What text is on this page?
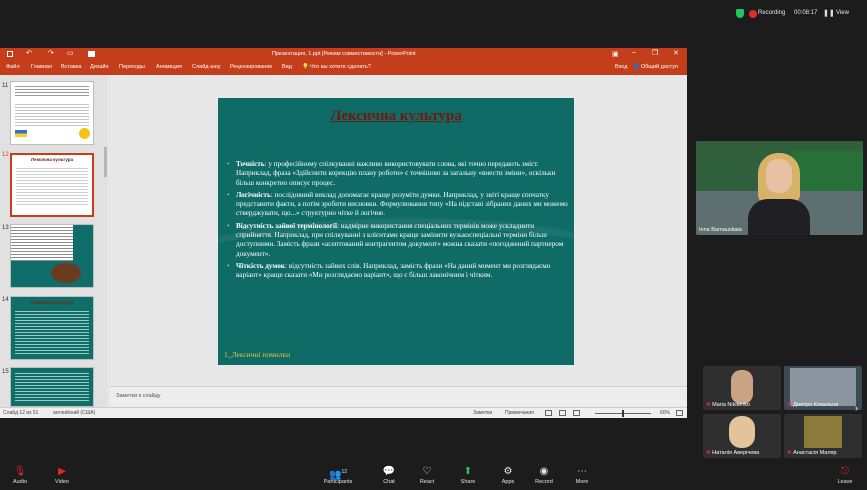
Recording 00:08:17 ❚❚ View
↶ ↷ ▭	Презентация, 1.ppt [Режим совместимости] - PowerPoint	▣ – ❐ ✕
Файл Главная Вставка Дизайн Переходы Анимация Слайд-шоу Рецензирование Вид 💡 Что вы хотите сделать?	Вход 👤 Общий доступ
11
12
Лексична культура
13
14	Лексична культура
15
Заметки к слайду
Слайд 12 из 51	английский (США)	Заметки	Примечания	60%
Лексична культура

• Точність: у професійному спілкуванні важливо використовувати слова, які точно передають зміст. Наприклад, фраза «Здійснити корекцію плану роботи» є точнішою за загальну «внести зміни», оскільки більш конкретно описує процес.

• Логічність: послідовний виклад допомагає краще розуміти думки. Наприклад, у звіті краще спочатку представити факти, а потім зробити висновки. Формулювання типу «На підставі зібраних даних ми можемо стверджувати, що...» структурно чітке й логічне.

• Відсутність зайвої термінології: надмірне використання спеціальних термінів може ускладнити сприйняття. Наприклад, при спілкуванні з клієнтами краще замінити вузькоспеціальні терміни більш доступними. Замість фрази «асептований контрагентом документ» можна сказати «погоджений партнером документ».

• Чіткість думок: відсутність зайвих слів. Наприклад, замість фрази «На даний момент ми розглядаємо варіант» краще сказати «Ми розглядаємо варіант», що є більш лаконічним і чітким.

1_Лексичні помилки
Inna Barnauskaia
✖ Maria Nikitenko	✖ Дмитро Ковальов
✖ Наталія Аверічева	✖ Анастасія Маляр
›
🎙
Audio
▶
Video
👥$^{12}$
Participants
💬
Chat
♡
React
⬆
Share
⚙
Apps
◉
Record
⋯
More
⎋
Leave
